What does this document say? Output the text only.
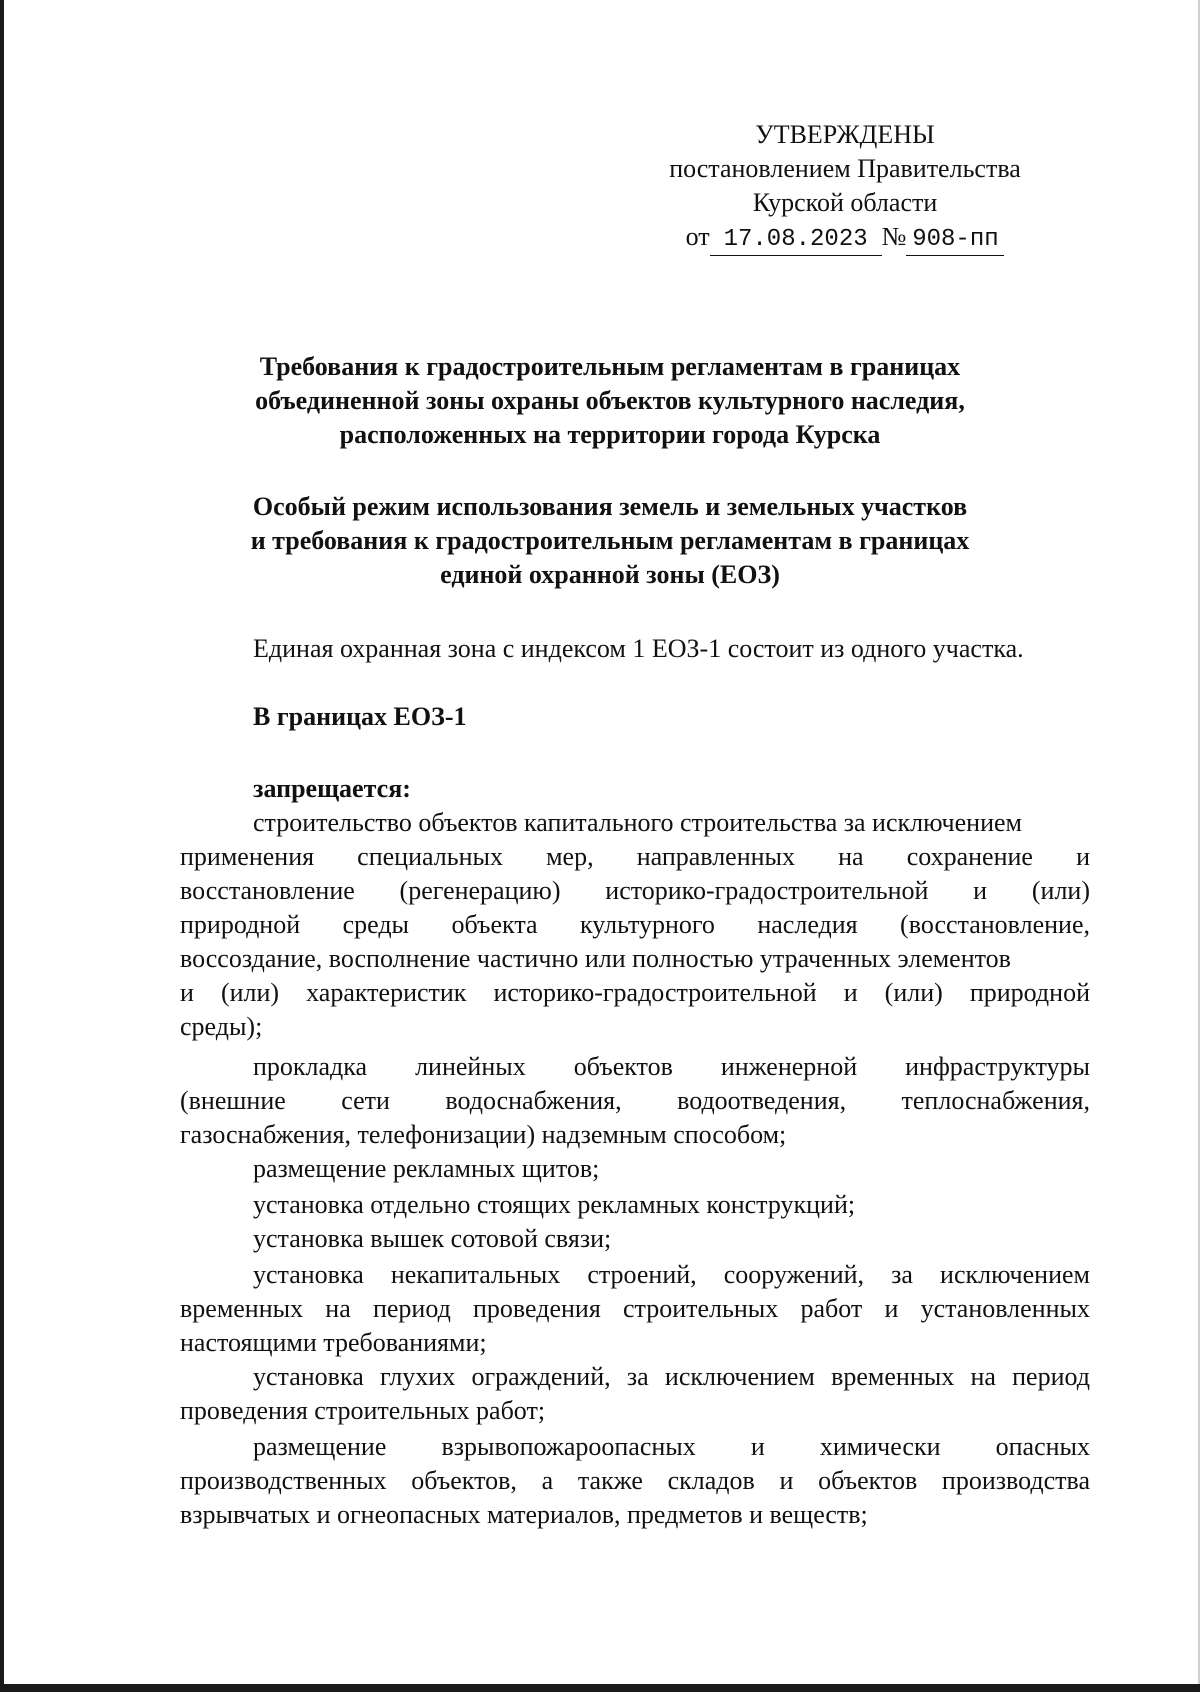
УТВЕРЖДЕНЫ
постановлением Правительства
Курской области
от 17.08.2023 № 908-пп
Требования к градостроительным регламентам в границах
объединенной зоны охраны объектов культурного наследия,
расположенных на территории города Курска
Особый режим использования земель и земельных участков
и требования к градостроительным регламентам в границах
единой охранной зоны (ЕОЗ)
Единая охранная зона с индексом 1 ЕОЗ-1 состоит из одного участка.
В границах ЕОЗ-1
запрещается:
строительство объектов капитального строительства за исключением
применения специальных мер, направленных на сохранение и
восстановление (регенерацию) историко-градостроительной и (или)
природной среды объекта культурного наследия (восстановление,
воссоздание, восполнение частично или полностью утраченных элементов
и (или) характеристик историко-градостроительной и (или) природной
среды);
прокладка линейных объектов инженерной инфраструктуры
(внешние сети водоснабжения, водоотведения, теплоснабжения,
газоснабжения, телефонизации) надземным способом;
размещение рекламных щитов;
установка отдельно стоящих рекламных конструкций;
установка вышек сотовой связи;
установка некапитальных строений, сооружений, за исключением
временных на период проведения строительных работ и установленных
настоящими требованиями;
установка глухих ограждений, за исключением временных на период
проведения строительных работ;
размещение взрывопожароопасных и химически опасных
производственных объектов, а также складов и объектов производства
взрывчатых и огнеопасных материалов, предметов и веществ;
